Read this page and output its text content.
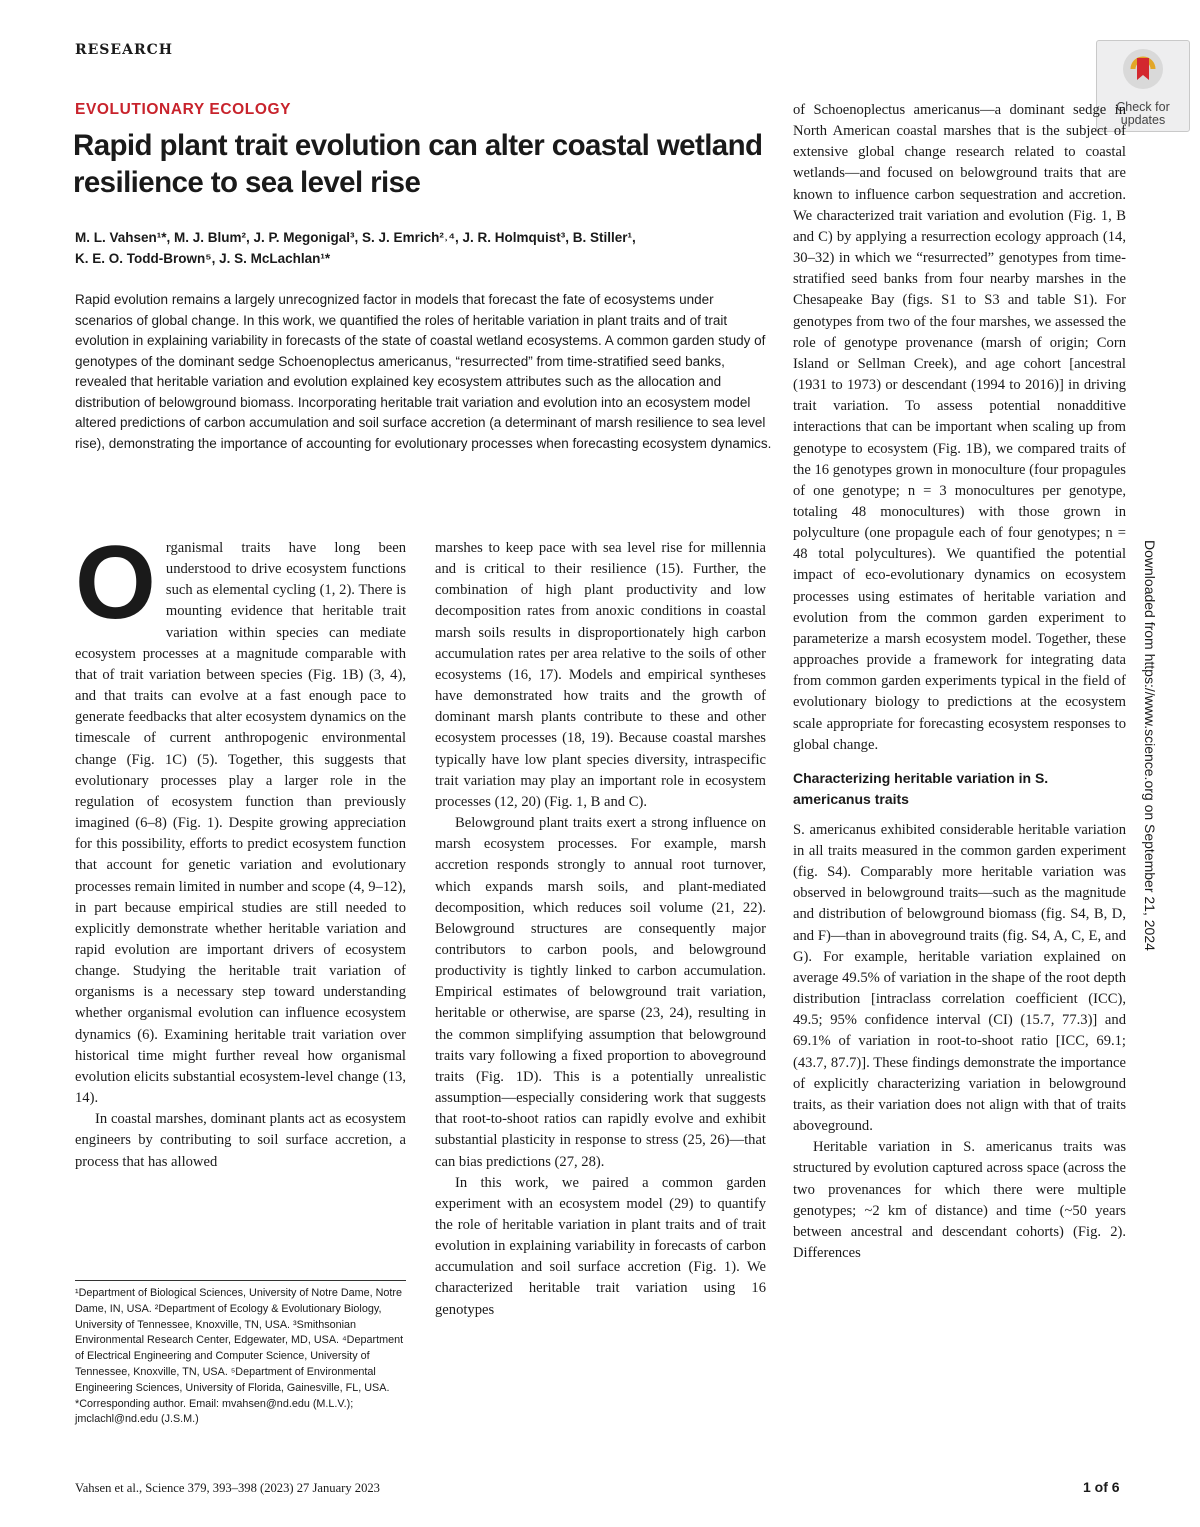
RESEARCH
Check for
updates
EVOLUTIONARY ECOLOGY
Rapid plant trait evolution can alter coastal wetland resilience to sea level rise
M. L. Vahsen¹*, M. J. Blum², J. P. Megonigal³, S. J. Emrich²˒⁴, J. R. Holmquist³, B. Stiller¹,
K. E. O. Todd-Brown⁵, J. S. McLachlan¹*
Rapid evolution remains a largely unrecognized factor in models that forecast the fate of ecosystems under scenarios of global change. In this work, we quantified the roles of heritable variation in plant traits and of trait evolution in explaining variability in forecasts of the state of coastal wetland ecosystems. A common garden study of genotypes of the dominant sedge Schoenoplectus americanus, “resurrected” from time-stratified seed banks, revealed that heritable variation and evolution explained key ecosystem attributes such as the allocation and distribution of belowground biomass. Incorporating heritable trait variation and evolution into an ecosystem model altered predictions of carbon accumulation and soil surface accretion (a determinant of marsh resilience to sea level rise), demonstrating the importance of accounting for evolutionary processes when forecasting ecosystem dynamics.

Organismal traits have long been understood to drive ecosystem functions such as elemental cycling (1, 2). There is mounting evidence that heritable trait variation within species can mediate ecosystem processes at a magnitude comparable with that of trait variation between species (Fig. 1B) (3, 4), and that traits can evolve at a fast enough pace to generate feedbacks that alter ecosystem dynamics on the timescale of current anthropogenic environmental change (Fig. 1C) (5). Together, this suggests that evolutionary processes play a larger role in the regulation of ecosystem function than previously imagined (6–8) (Fig. 1). Despite growing appreciation for this possibility, efforts to predict ecosystem function that account for genetic variation and evolutionary processes remain limited in number and scope (4, 9–12), in part because empirical studies are still needed to explicitly demonstrate whether heritable variation and rapid evolution are important drivers of ecosystem change. Studying the heritable trait variation of organisms is a necessary step toward understanding whether organismal evolution can influence ecosystem dynamics (6). Examining heritable trait variation over historical time might further reveal how organismal evolution elicits substantial ecosystem-level change (13, 14).

In coastal marshes, dominant plants act as ecosystem engineers by contributing to soil surface accretion, a process that has allowed

¹Department of Biological Sciences, University of Notre Dame, Notre Dame, IN, USA. ²Department of Ecology & Evolutionary Biology, University of Tennessee, Knoxville, TN, USA. ³Smithsonian Environmental Research Center, Edgewater, MD, USA. ⁴Department of Electrical Engineering and Computer Science, University of Tennessee, Knoxville, TN, USA. ⁵Department of Environmental Engineering Sciences, University of Florida, Gainesville, FL, USA. *Corresponding author. Email: mvahsen@nd.edu (M.L.V.); jmclachl@nd.edu (J.S.M.)

marshes to keep pace with sea level rise for millennia and is critical to their resilience (15). Further, the combination of high plant productivity and low decomposition rates from anoxic conditions in coastal marsh soils results in disproportionately high carbon accumulation rates per area relative to the soils of other ecosystems (16, 17). Models and empirical syntheses have demonstrated how traits and the growth of dominant marsh plants contribute to these and other ecosystem processes (18, 19). Because coastal marshes typically have low plant species diversity, intraspecific trait variation may play an important role in ecosystem processes (12, 20) (Fig. 1, B and C).

Belowground plant traits exert a strong influence on marsh ecosystem processes. For example, marsh accretion responds strongly to annual root turnover, which expands marsh soils, and plant-mediated decomposition, which reduces soil volume (21, 22). Belowground structures are consequently major contributors to carbon pools, and belowground productivity is tightly linked to carbon accumulation. Empirical estimates of belowground trait variation, heritable or otherwise, are sparse (23, 24), resulting in the common simplifying assumption that belowground traits vary following a fixed proportion to aboveground traits (Fig. 1D). This is a potentially unrealistic assumption—especially considering work that suggests that root-to-shoot ratios can rapidly evolve and exhibit substantial plasticity in response to stress (25, 26)—that can bias predictions (27, 28).

In this work, we paired a common garden experiment with an ecosystem model (29) to quantify the role of heritable variation in plant traits and of trait evolution in explaining variability in forecasts of carbon accumulation and soil surface accretion (Fig. 1). We characterized heritable trait variation using 16 genotypes

of Schoenoplectus americanus—a dominant sedge in North American coastal marshes that is the subject of extensive global change research related to coastal wetlands—and focused on belowground traits that are known to influence carbon sequestration and accretion. We characterized trait variation and evolution (Fig. 1, B and C) by applying a resurrection ecology approach (14, 30–32) in which we “resurrected” genotypes from time-stratified seed banks from four nearby marshes in the Chesapeake Bay (figs. S1 to S3 and table S1). For genotypes from two of the four marshes, we assessed the role of genotype provenance (marsh of origin; Corn Island or Sellman Creek), and age cohort [ancestral (1931 to 1973) or descendant (1994 to 2016)] in driving trait variation. To assess potential nonadditive interactions that can be important when scaling up from genotype to ecosystem (Fig. 1B), we compared traits of the 16 genotypes grown in monoculture (four propagules of one genotype; n = 3 monocultures per genotype, totaling 48 monocultures) with those grown in polyculture (one propagule each of four genotypes; n = 48 total polycultures). We quantified the potential impact of eco-evolutionary dynamics on ecosystem processes using estimates of heritable variation and evolution from the common garden experiment to parameterize a marsh ecosystem model. Together, these approaches provide a framework for integrating data from common garden experiments typical in the field of evolutionary biology to predictions at the ecosystem scale appropriate for forecasting ecosystem responses to global change.

Characterizing heritable variation in S. americanus traits

S. americanus exhibited considerable heritable variation in all traits measured in the common garden experiment (fig. S4). Comparably more heritable variation was observed in belowground traits—such as the magnitude and distribution of belowground biomass (fig. S4, B, D, and F)—than in aboveground traits (fig. S4, A, C, E, and G). For example, heritable variation explained on average 49.5% of variation in the shape of the root depth distribution [intraclass correlation coefficient (ICC), 49.5; 95% confidence interval (CI) (15.7, 77.3)] and 69.1% of variation in root-to-shoot ratio [ICC, 69.1; (43.7, 87.7)]. These findings demonstrate the importance of explicitly characterizing variation in belowground traits, as their variation does not align with that of traits aboveground.

Heritable variation in S. americanus traits was structured by evolution captured across space (across the two provenances for which there were multiple genotypes; ~2 km of distance) and time (~50 years between ancestral and descendant cohorts) (Fig. 2). Differences

Downloaded from https://www.science.org on September 21, 2024
Vahsen et al., Science 379, 393–398 (2023) 27 January 2023	1 of 6
